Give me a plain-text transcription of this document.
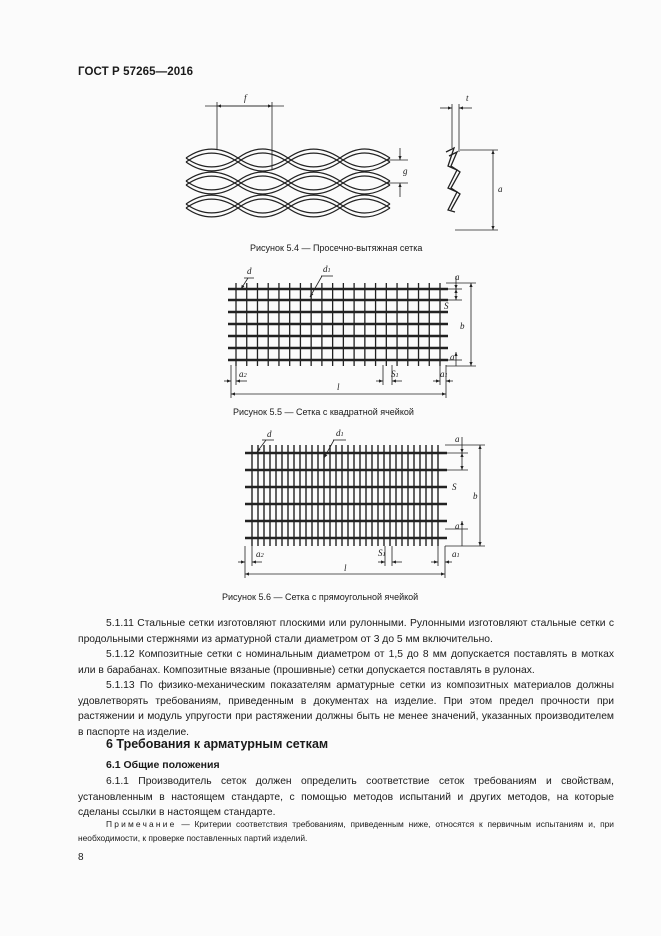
ГОСТ Р 57265—2016
f	t
g
a
Рисунок 5.4 — Просечно-вытяжная сетка
d	d1
a
S
b
a
a2	S1	a1
l
Рисунок 5.5 — Сетка с квадратной ячейкой
d	d1	a
S
b
a
a2	S1	a1
l
Рисунок 5.6 — Сетка с прямоугольной ячейкой

5.1.11 Стальные сетки изготовляют плоскими или рулонными. Рулонными изготовляют стальные сетки с продольными стержнями из арматурной стали диаметром от 3 до 5 мм включительно.

5.1.12 Композитные сетки с номинальным диаметром от 1,5 до 8 мм допускается поставлять в мотках или в барабанах. Композитные вязаные (прошивные) сетки допускается поставлять в рулонах.

5.1.13 По физико-механическим показателям арматурные сетки из композитных материалов должны удовлетворять требованиям, приведенным в документах на изделие. При этом предел прочности при растяжении и модуль упругости при растяжении должны быть не менее значений, указанных производителем в паспорте на изделие.

6 Требования к арматурным сеткам
6.1 Общие положения

6.1.1 Производитель сеток должен определить соответствие сеток требованиям и свойствам, установленным в настоящем стандарте, с помощью методов испытаний и других методов, на которые сделаны ссылки в настоящем стандарте.

Примечание — Критерии соответствия требованиям, приведенным ниже, относятся к первичным испытаниям и, при необходимости, к проверке поставленных партий изделий.

8
